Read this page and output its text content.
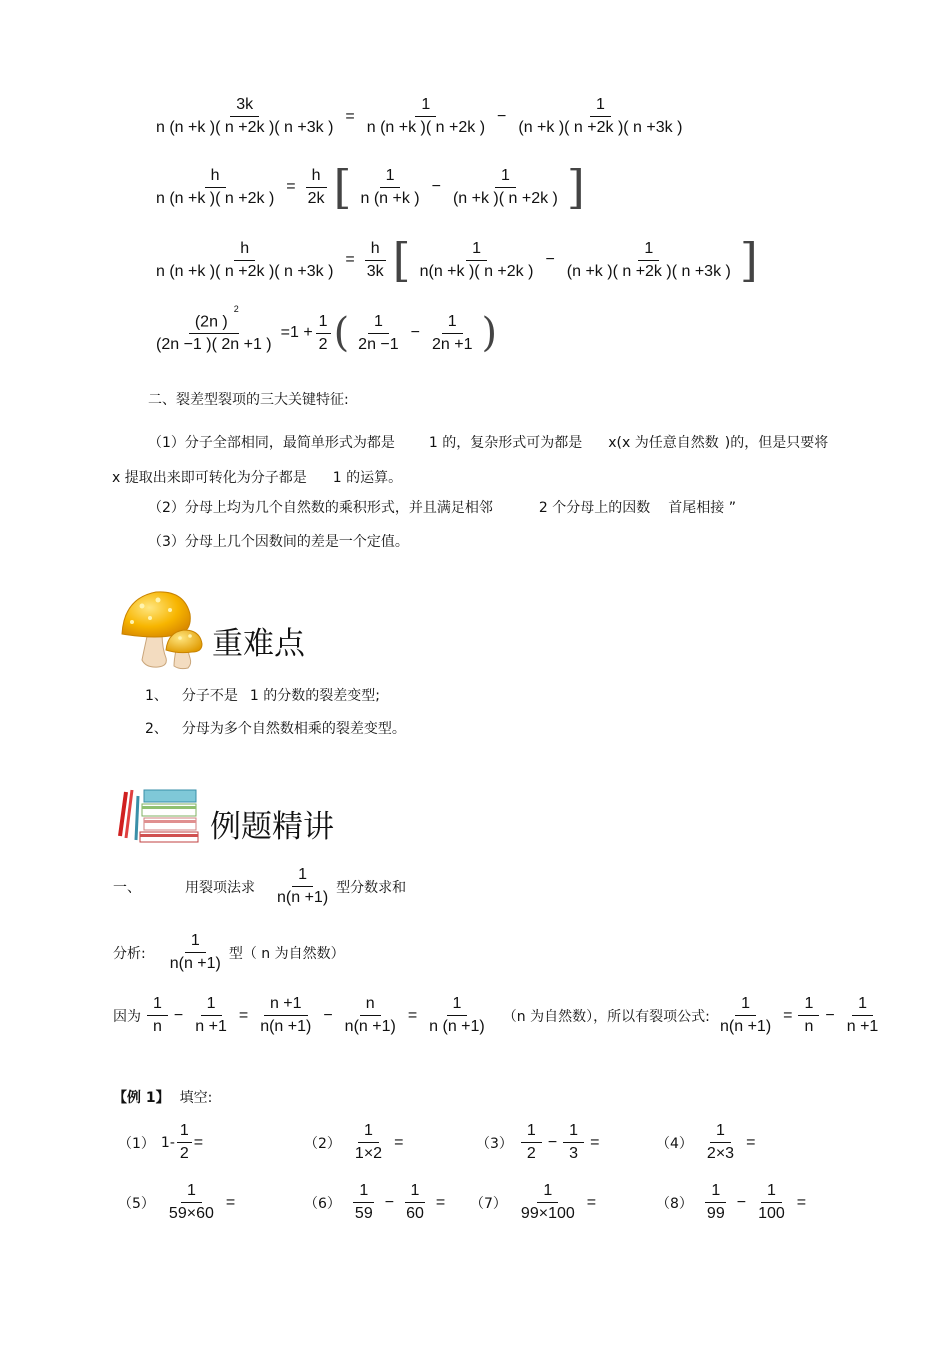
$\frac{3k}{n (n +k )( n +2k )( n +3k )} = \frac{1}{n (n +k )( n +2k )} - \frac{1}{(n +k )( n +2k )( n +3k )}$
$\frac{h}{n (n +k )( n +2k )} = \frac{h}{2k}$ [ $\frac{1}{n (n +k )} - \frac{1}{(n +k )( n +2k )}$ ]
$\frac{h}{n (n +k )( n +2k )( n +3k )} = \frac{h}{3k}$ [ $\frac{1}{n(n +k )( n +2k )} - \frac{1}{(n +k )( n +2k )( n +3k )}$ ]
$\frac{(2n )^2}{(2n -1 )( 2n +1 )} =1 + \frac{1}{2}$ ( $\frac{1}{2n -1} - \frac{1}{2n +1}$ )
二、裂差型裂项的三大关键特征:
（1）分子全部相同，最简单形式为都是 1 的，复杂形式可为都是 x(x 为任意自然数 )的，但是只要将
x 提取出来即可转化为分子都是 1 的运算。
（2）分母上均为几个自然数的乘积形式，并且满足相邻	2 个分母上的因数 首尾相接 ”
（3）分母上几个因数间的差是一个定值。
重难点
1、 分子不是 1 的分数的裂差变型;
2、 分母为多个自然数相乘的裂差变型。
例题精讲
一、	用裂项法求 $\frac{1}{n(n +1)}$ 型分数求和
分析: $\frac{1}{n(n +1)}$ 型（ n 为自然数）
因为 $\frac{1}{n} - \frac{1}{n +1} = \frac{n +1}{n(n +1)} - \frac{n}{n(n +1)} = \frac{1}{n (n +1)} (n$ 为自然数），所以有裂项公式: $\frac{1}{n(n +1)} = \frac{1}{n} - \frac{1}{n +1}$
【例 1】 填空:
（1） $1- \frac{1}{2}$ =	$(2) \frac{1}{1\times 2}$ =	$(3) \frac{1}{2} - \frac{1}{3}$ =	$(4) \frac{1}{2\times 3}$ =
$(5) \frac{1}{59\times 60}$ =	$(6) \frac{1}{59} - \frac{1}{60} = (7) \frac{1}{99\times 100}$ =	$(8) \frac{1}{99} - \frac{1}{100}$ =
